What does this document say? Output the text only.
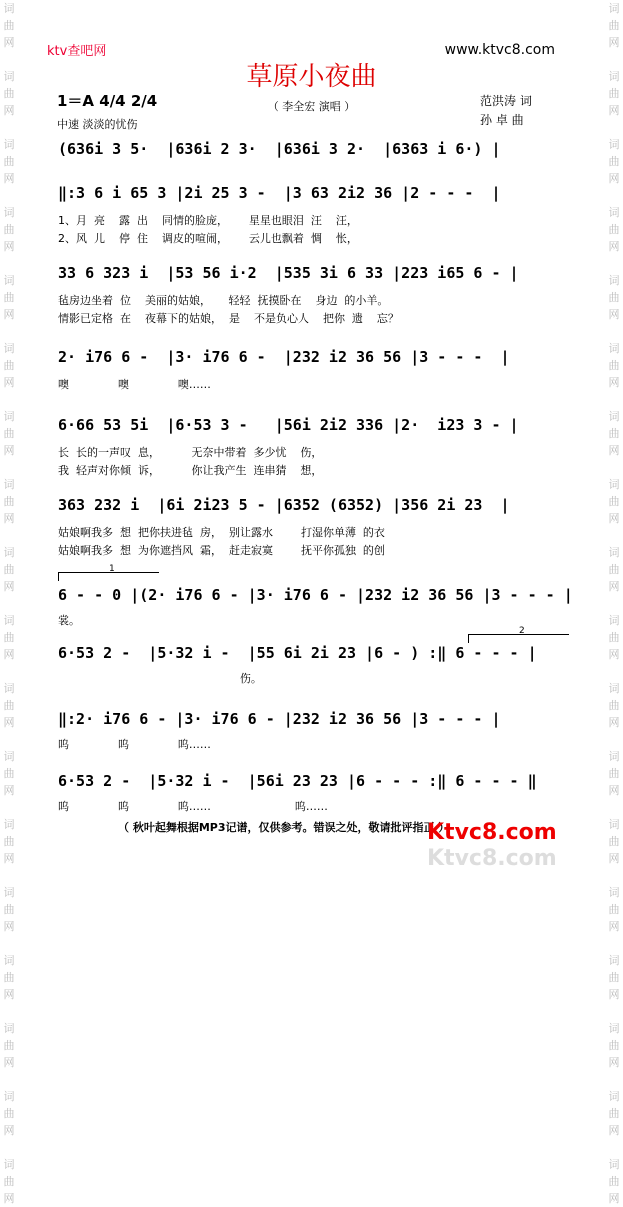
词
曲
网

词
曲
网

词
曲
网

词
曲
网

词
曲
网

词
曲
网

词
曲
网

词
曲
网

词
曲
网

词
曲
网

词
曲
网

词
曲
网

词
曲
网

词
曲
网

词
曲
网

词
曲
网

词
曲
网

词
曲
网

词
曲
网

词
曲
网

词
曲
网

词
曲
网

词
曲
网

词
曲
网

词
曲
网

词
曲
网

词
曲
网

词
曲
网

词
曲
网

词
曲
网

词
曲
网

词
曲
网

词
曲
网

词
曲
网

词
曲
网

词
曲
网

ktv查吧网	www.ktvc8.com
草原小夜曲
（ 李全宏 演唱 ）
1＝A 4/4 2/4
中速 淡淡的忧伤
范洪涛 词
孙 卓 曲
(636i 3 5·  |636i 2 3·  |636i 3 2·  |6363 i 6·) |
‖:3 6 i 65 3 |2i 25 3 -  |3 63 2i2 36 |2 - - -  |
1、月  亮    露  出    同情的脸庞，      星星也眼泪  汪    汪，
2、风  儿    停  住    调皮的喧闹，      云儿也飘着  惆    怅，
33 6 323 i  |53 56 i·2  |535 3i 6 33 |223 i65 6 - |
毡房边坐着  位    美丽的姑娘，     轻轻  抚摸卧在    身边  的小羊。
情影已定格  在    夜幕下的姑娘，  是    不是负心人    把你  遗    忘？
2· i76 6 -  |3· i76 6 -  |232 i2 36 56 |3 - - -  |
噢              噢              噢……
6·66 53 5i  |6·53 3 -   |56i 2i2 336 |2·  i23 3 - |
长  长的一声叹  息，         无奈中带着  多少忧    伤，
我  轻声对你倾  诉，         你让我产生  连串猜    想，
363 232 i  |6i 2i23 5 - |6352 (6352) |356 2i 23  |
姑娘啊我多  想  把你扶进毡  房，  别让露水        打湿你单薄  的衣
姑娘啊我多  想  为你遮挡风  霜，  赶走寂寞        抚平你孤独  的创
1
6 - - 0 |(2· i76 6 - |3· i76 6 - |232 i2 36 56 |3 - - - |
裳。
2
6·53 2 -  |5·32 i -  |55 6i 2i 23 |6 - ) :‖ 6 - - - |
伤。
‖:2· i76 6 - |3· i76 6 - |232 i2 36 56 |3 - - - |
呜              呜              呜……
6·53 2 -  |5·32 i -  |56i 23 23 |6 - - - :‖ 6 - - - ‖
呜              呜              呜……                        呜……
（ 秋叶起舞根据MP3记谱，仅供参考。错误之处，敬请批评指正 ）
Ktvc8.com
Ktvc8.com
